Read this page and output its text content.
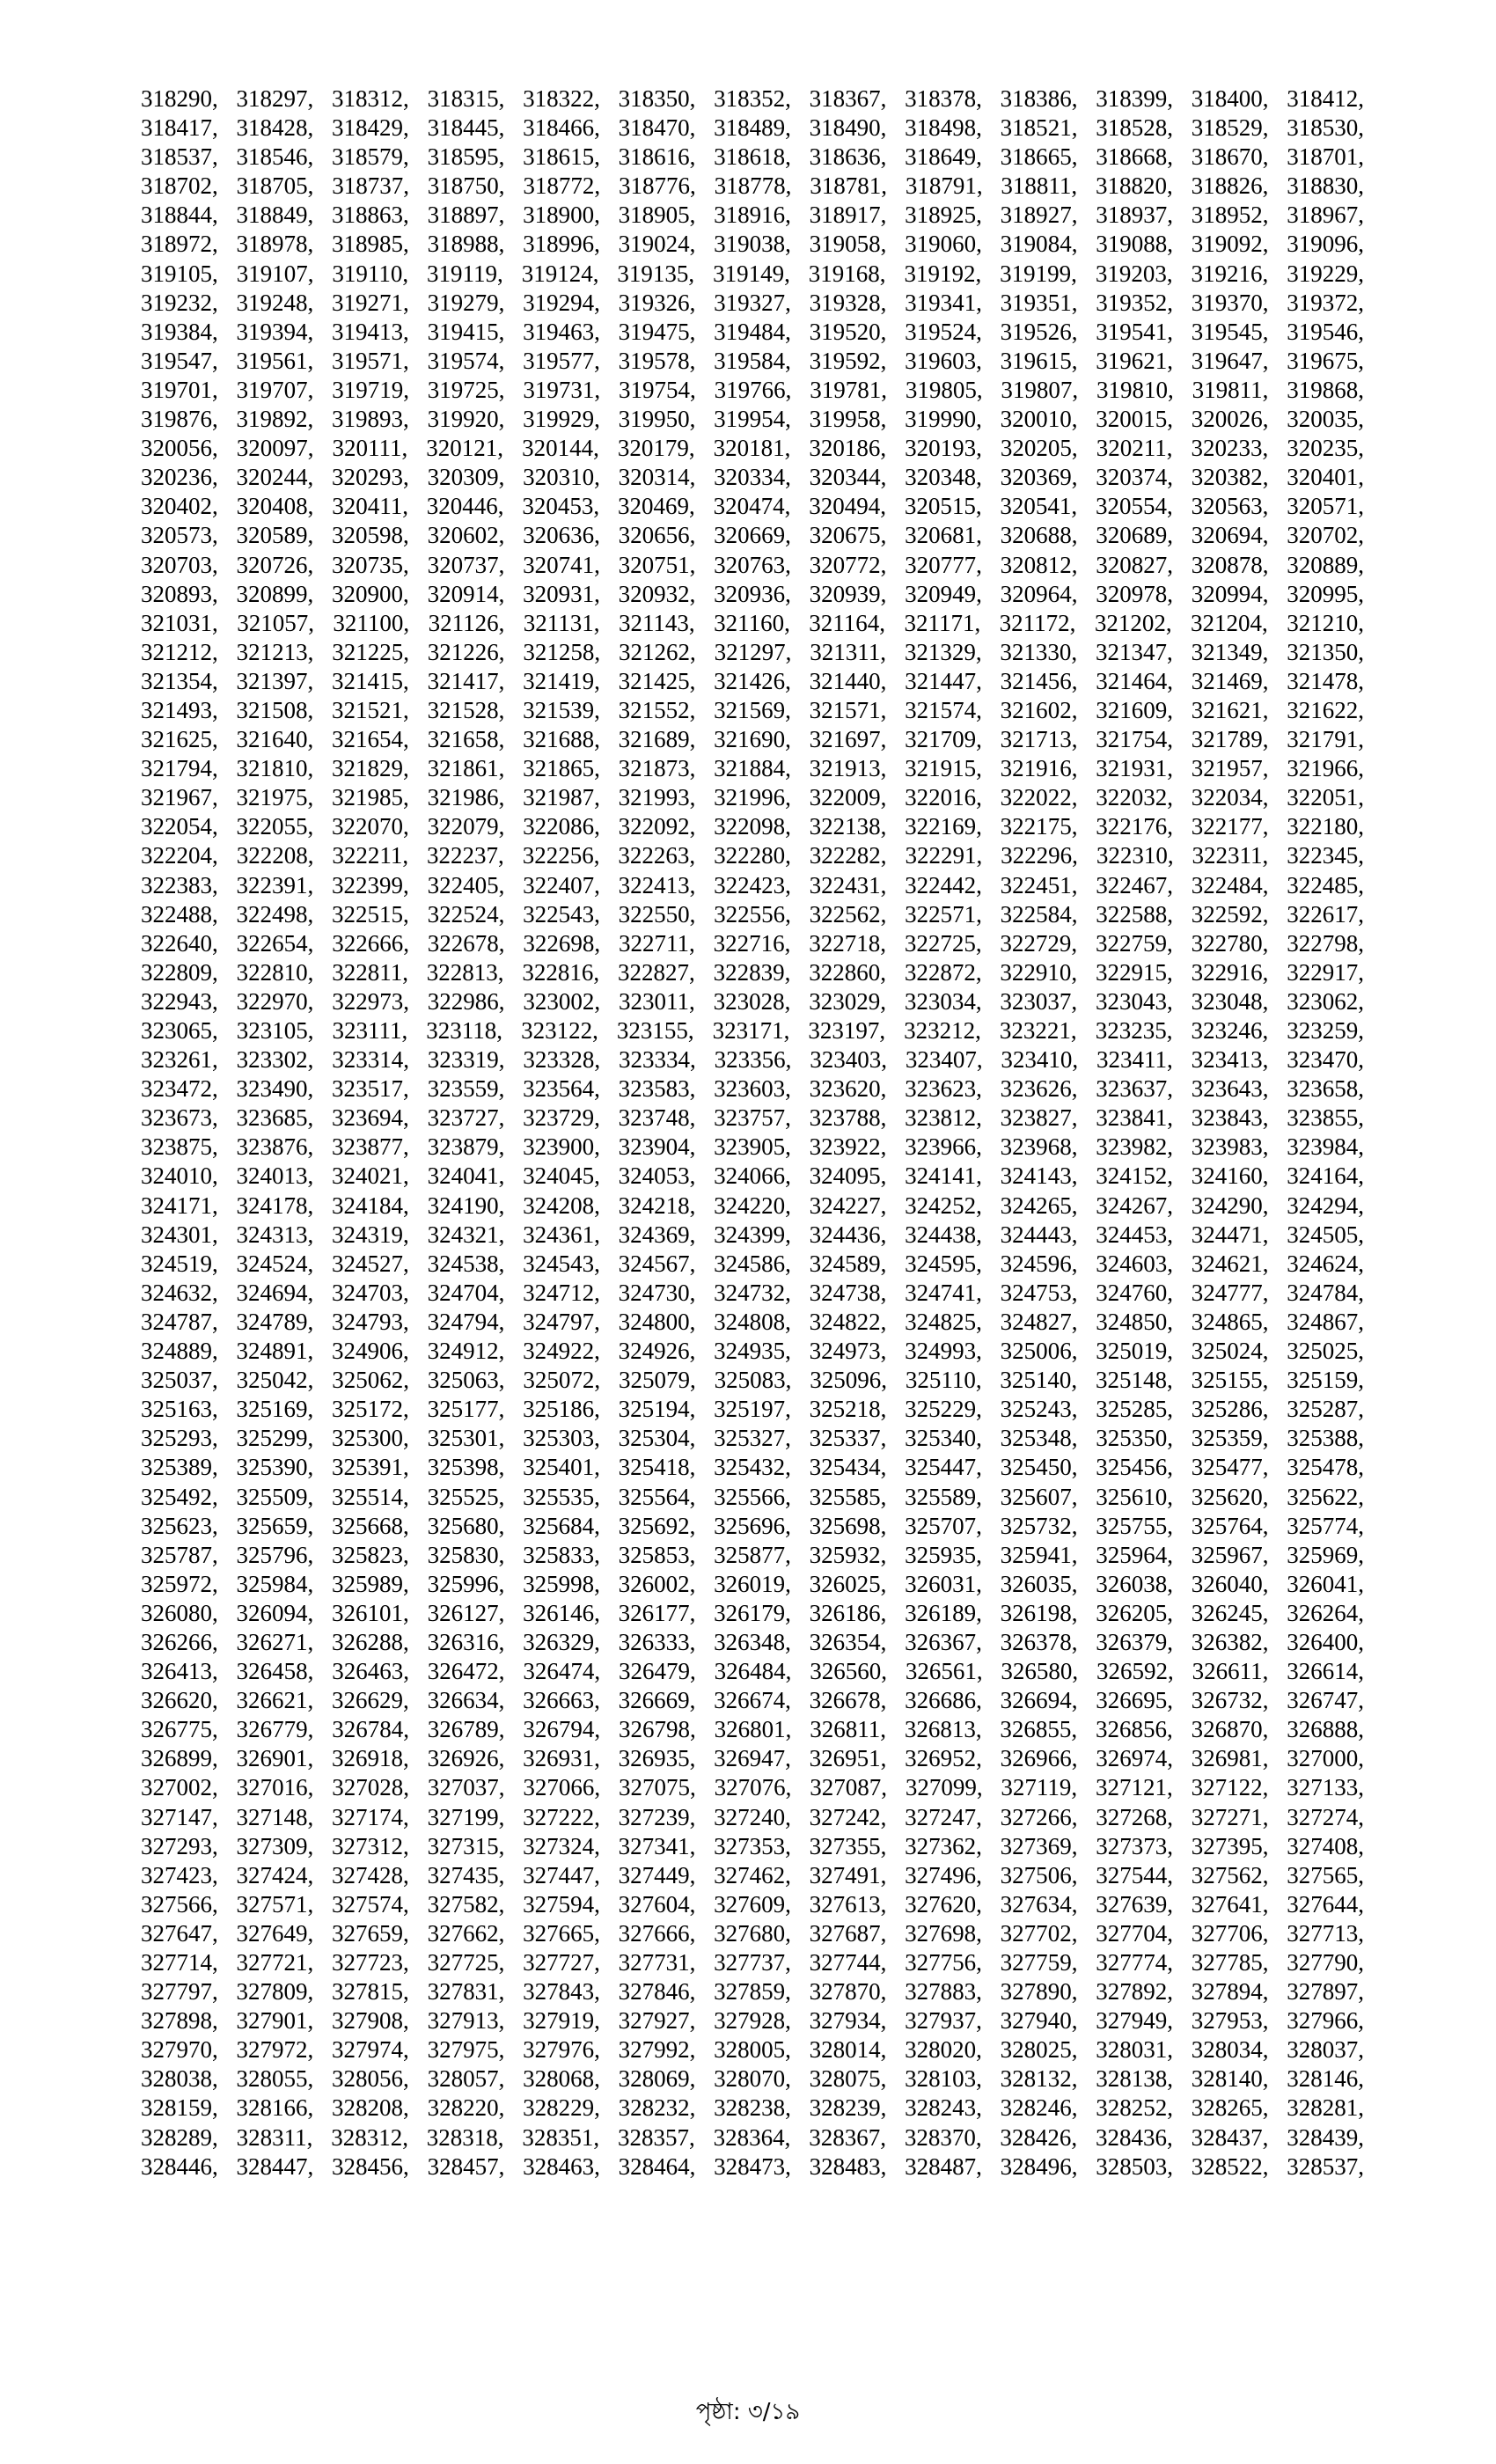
318290, 318297, 318312, 318315, 318322, 318350, 318352, 318367, 318378, 318386, 318399, 318400, 318412,
318417, 318428, 318429, 318445, 318466, 318470, 318489, 318490, 318498, 318521, 318528, 318529, 318530,
318537, 318546, 318579, 318595, 318615, 318616, 318618, 318636, 318649, 318665, 318668, 318670, 318701,
318702, 318705, 318737, 318750, 318772, 318776, 318778, 318781, 318791, 318811, 318820, 318826, 318830,
318844, 318849, 318863, 318897, 318900, 318905, 318916, 318917, 318925, 318927, 318937, 318952, 318967,
318972, 318978, 318985, 318988, 318996, 319024, 319038, 319058, 319060, 319084, 319088, 319092, 319096,
319105, 319107, 319110, 319119, 319124, 319135, 319149, 319168, 319192, 319199, 319203, 319216, 319229,
319232, 319248, 319271, 319279, 319294, 319326, 319327, 319328, 319341, 319351, 319352, 319370, 319372,
319384, 319394, 319413, 319415, 319463, 319475, 319484, 319520, 319524, 319526, 319541, 319545, 319546,
319547, 319561, 319571, 319574, 319577, 319578, 319584, 319592, 319603, 319615, 319621, 319647, 319675,
319701, 319707, 319719, 319725, 319731, 319754, 319766, 319781, 319805, 319807, 319810, 319811, 319868,
319876, 319892, 319893, 319920, 319929, 319950, 319954, 319958, 319990, 320010, 320015, 320026, 320035,
320056, 320097, 320111, 320121, 320144, 320179, 320181, 320186, 320193, 320205, 320211, 320233, 320235,
320236, 320244, 320293, 320309, 320310, 320314, 320334, 320344, 320348, 320369, 320374, 320382, 320401,
320402, 320408, 320411, 320446, 320453, 320469, 320474, 320494, 320515, 320541, 320554, 320563, 320571,
320573, 320589, 320598, 320602, 320636, 320656, 320669, 320675, 320681, 320688, 320689, 320694, 320702,
320703, 320726, 320735, 320737, 320741, 320751, 320763, 320772, 320777, 320812, 320827, 320878, 320889,
320893, 320899, 320900, 320914, 320931, 320932, 320936, 320939, 320949, 320964, 320978, 320994, 320995,
321031, 321057, 321100, 321126, 321131, 321143, 321160, 321164, 321171, 321172, 321202, 321204, 321210,
321212, 321213, 321225, 321226, 321258, 321262, 321297, 321311, 321329, 321330, 321347, 321349, 321350,
321354, 321397, 321415, 321417, 321419, 321425, 321426, 321440, 321447, 321456, 321464, 321469, 321478,
321493, 321508, 321521, 321528, 321539, 321552, 321569, 321571, 321574, 321602, 321609, 321621, 321622,
321625, 321640, 321654, 321658, 321688, 321689, 321690, 321697, 321709, 321713, 321754, 321789, 321791,
321794, 321810, 321829, 321861, 321865, 321873, 321884, 321913, 321915, 321916, 321931, 321957, 321966,
321967, 321975, 321985, 321986, 321987, 321993, 321996, 322009, 322016, 322022, 322032, 322034, 322051,
322054, 322055, 322070, 322079, 322086, 322092, 322098, 322138, 322169, 322175, 322176, 322177, 322180,
322204, 322208, 322211, 322237, 322256, 322263, 322280, 322282, 322291, 322296, 322310, 322311, 322345,
322383, 322391, 322399, 322405, 322407, 322413, 322423, 322431, 322442, 322451, 322467, 322484, 322485,
322488, 322498, 322515, 322524, 322543, 322550, 322556, 322562, 322571, 322584, 322588, 322592, 322617,
322640, 322654, 322666, 322678, 322698, 322711, 322716, 322718, 322725, 322729, 322759, 322780, 322798,
322809, 322810, 322811, 322813, 322816, 322827, 322839, 322860, 322872, 322910, 322915, 322916, 322917,
322943, 322970, 322973, 322986, 323002, 323011, 323028, 323029, 323034, 323037, 323043, 323048, 323062,
323065, 323105, 323111, 323118, 323122, 323155, 323171, 323197, 323212, 323221, 323235, 323246, 323259,
323261, 323302, 323314, 323319, 323328, 323334, 323356, 323403, 323407, 323410, 323411, 323413, 323470,
323472, 323490, 323517, 323559, 323564, 323583, 323603, 323620, 323623, 323626, 323637, 323643, 323658,
323673, 323685, 323694, 323727, 323729, 323748, 323757, 323788, 323812, 323827, 323841, 323843, 323855,
323875, 323876, 323877, 323879, 323900, 323904, 323905, 323922, 323966, 323968, 323982, 323983, 323984,
324010, 324013, 324021, 324041, 324045, 324053, 324066, 324095, 324141, 324143, 324152, 324160, 324164,
324171, 324178, 324184, 324190, 324208, 324218, 324220, 324227, 324252, 324265, 324267, 324290, 324294,
324301, 324313, 324319, 324321, 324361, 324369, 324399, 324436, 324438, 324443, 324453, 324471, 324505,
324519, 324524, 324527, 324538, 324543, 324567, 324586, 324589, 324595, 324596, 324603, 324621, 324624,
324632, 324694, 324703, 324704, 324712, 324730, 324732, 324738, 324741, 324753, 324760, 324777, 324784,
324787, 324789, 324793, 324794, 324797, 324800, 324808, 324822, 324825, 324827, 324850, 324865, 324867,
324889, 324891, 324906, 324912, 324922, 324926, 324935, 324973, 324993, 325006, 325019, 325024, 325025,
325037, 325042, 325062, 325063, 325072, 325079, 325083, 325096, 325110, 325140, 325148, 325155, 325159,
325163, 325169, 325172, 325177, 325186, 325194, 325197, 325218, 325229, 325243, 325285, 325286, 325287,
325293, 325299, 325300, 325301, 325303, 325304, 325327, 325337, 325340, 325348, 325350, 325359, 325388,
325389, 325390, 325391, 325398, 325401, 325418, 325432, 325434, 325447, 325450, 325456, 325477, 325478,
325492, 325509, 325514, 325525, 325535, 325564, 325566, 325585, 325589, 325607, 325610, 325620, 325622,
325623, 325659, 325668, 325680, 325684, 325692, 325696, 325698, 325707, 325732, 325755, 325764, 325774,
325787, 325796, 325823, 325830, 325833, 325853, 325877, 325932, 325935, 325941, 325964, 325967, 325969,
325972, 325984, 325989, 325996, 325998, 326002, 326019, 326025, 326031, 326035, 326038, 326040, 326041,
326080, 326094, 326101, 326127, 326146, 326177, 326179, 326186, 326189, 326198, 326205, 326245, 326264,
326266, 326271, 326288, 326316, 326329, 326333, 326348, 326354, 326367, 326378, 326379, 326382, 326400,
326413, 326458, 326463, 326472, 326474, 326479, 326484, 326560, 326561, 326580, 326592, 326611, 326614,
326620, 326621, 326629, 326634, 326663, 326669, 326674, 326678, 326686, 326694, 326695, 326732, 326747,
326775, 326779, 326784, 326789, 326794, 326798, 326801, 326811, 326813, 326855, 326856, 326870, 326888,
326899, 326901, 326918, 326926, 326931, 326935, 326947, 326951, 326952, 326966, 326974, 326981, 327000,
327002, 327016, 327028, 327037, 327066, 327075, 327076, 327087, 327099, 327119, 327121, 327122, 327133,
327147, 327148, 327174, 327199, 327222, 327239, 327240, 327242, 327247, 327266, 327268, 327271, 327274,
327293, 327309, 327312, 327315, 327324, 327341, 327353, 327355, 327362, 327369, 327373, 327395, 327408,
327423, 327424, 327428, 327435, 327447, 327449, 327462, 327491, 327496, 327506, 327544, 327562, 327565,
327566, 327571, 327574, 327582, 327594, 327604, 327609, 327613, 327620, 327634, 327639, 327641, 327644,
327647, 327649, 327659, 327662, 327665, 327666, 327680, 327687, 327698, 327702, 327704, 327706, 327713,
327714, 327721, 327723, 327725, 327727, 327731, 327737, 327744, 327756, 327759, 327774, 327785, 327790,
327797, 327809, 327815, 327831, 327843, 327846, 327859, 327870, 327883, 327890, 327892, 327894, 327897,
327898, 327901, 327908, 327913, 327919, 327927, 327928, 327934, 327937, 327940, 327949, 327953, 327966,
327970, 327972, 327974, 327975, 327976, 327992, 328005, 328014, 328020, 328025, 328031, 328034, 328037,
328038, 328055, 328056, 328057, 328068, 328069, 328070, 328075, 328103, 328132, 328138, 328140, 328146,
328159, 328166, 328208, 328220, 328229, 328232, 328238, 328239, 328243, 328246, 328252, 328265, 328281,
328289, 328311, 328312, 328318, 328351, 328357, 328364, 328367, 328370, 328426, 328436, 328437, 328439,
328446, 328447, 328456, 328457, 328463, 328464, 328473, 328483, 328487, 328496, 328503, 328522, 328537,
পৃষ্ঠা: ৩/১৯
